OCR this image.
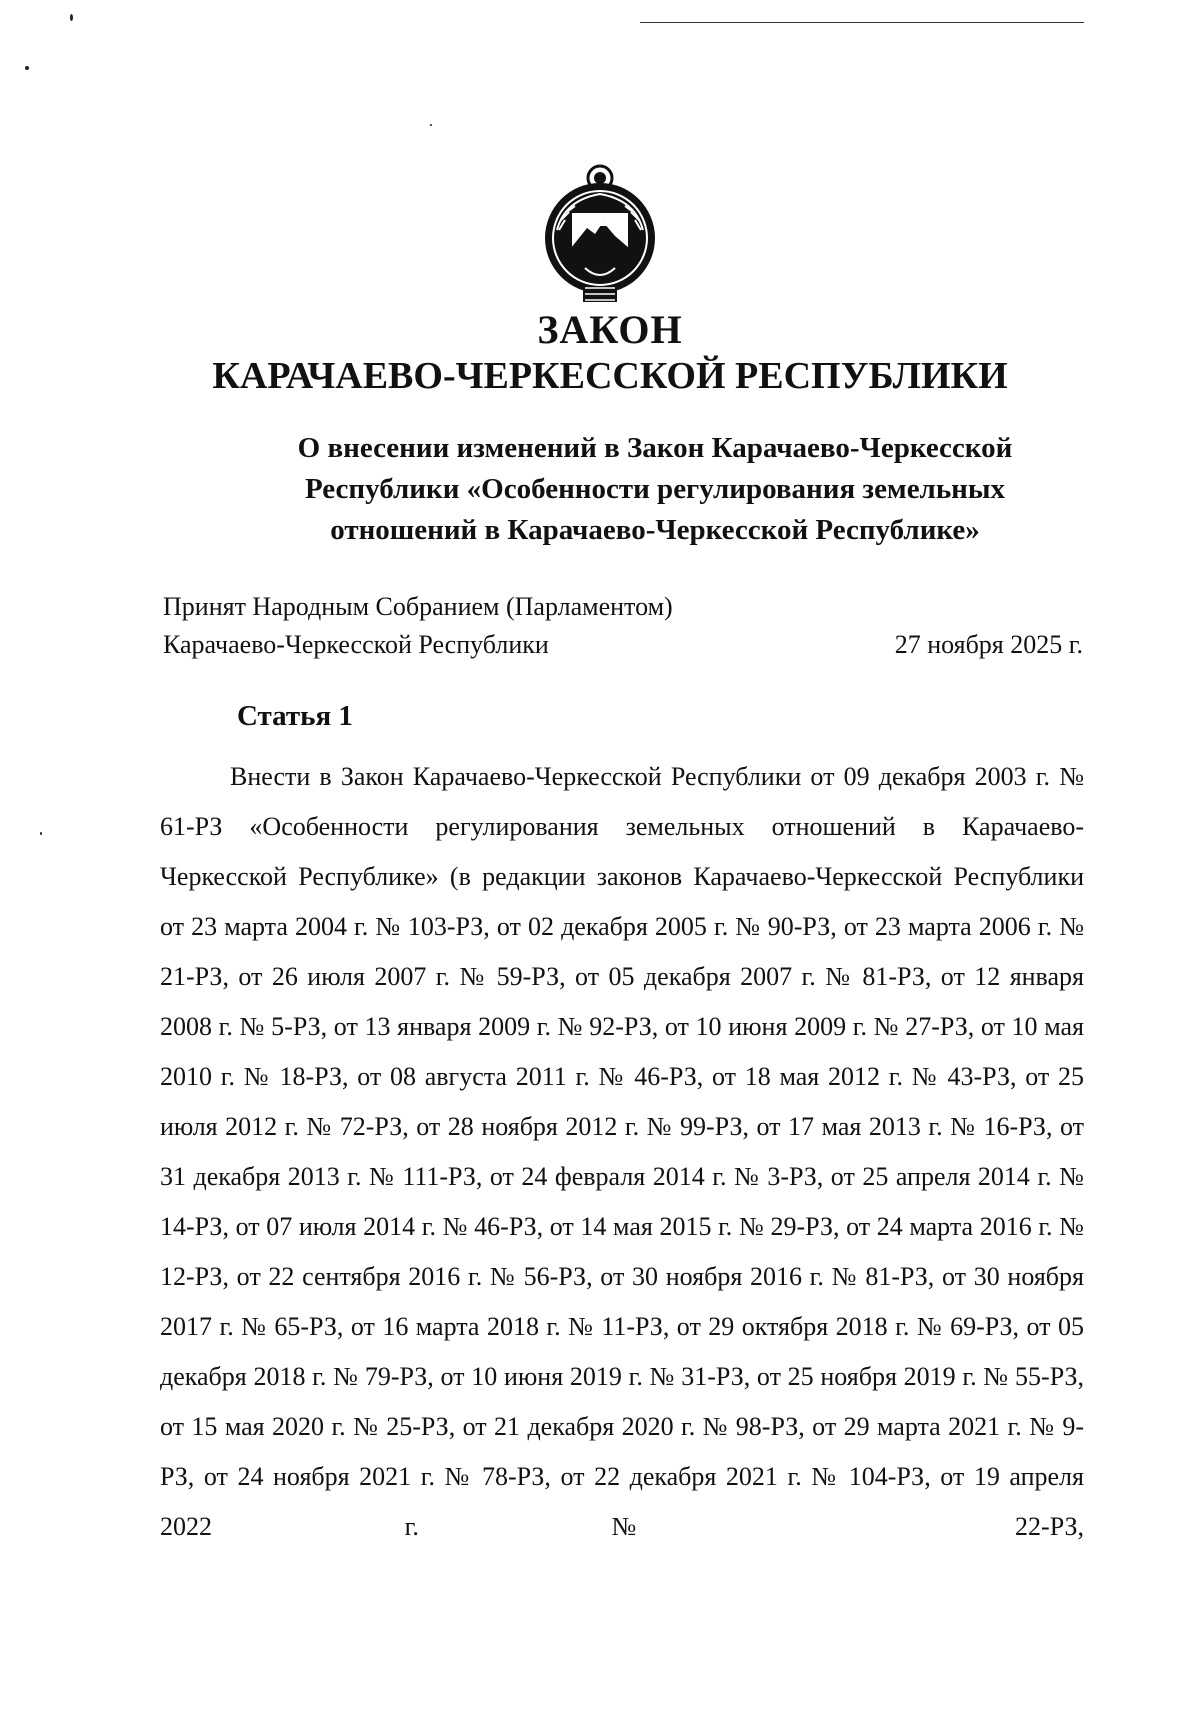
ЗАКОН
КАРАЧАЕВО-ЧЕРКЕССКОЙ РЕСПУБЛИКИ
О внесении изменений в Закон Карачаево-Черкесской Республики «Особенности регулирования земельных отношений в Карачаево-Черкесской Республике»
Принят Народным Собранием (Парламентом)
Карачаево-Черкесской Республики	27 ноября 2025 г.
Статья 1

Внести в Закон Карачаево-Черкесской Республики от 09 декабря 2003 г. № 61-РЗ «Особенности регулирования земельных отношений в Карачаево-Черкесской Республике» (в редакции законов Карачаево-Черкесской Республики от 23 марта 2004 г. № 103-РЗ, от 02 декабря 2005 г. № 90-РЗ, от 23 марта 2006 г. № 21-РЗ, от 26 июля 2007 г. № 59-РЗ, от 05 декабря 2007 г. № 81-РЗ, от 12 января 2008 г. № 5-РЗ, от 13 января 2009 г. № 92-РЗ, от 10 июня 2009 г. № 27-РЗ, от 10 мая 2010 г. № 18-РЗ, от 08 августа 2011 г. № 46-РЗ, от 18 мая 2012 г. № 43-РЗ, от 25 июля 2012 г. № 72-РЗ, от 28 ноября 2012 г. № 99-РЗ, от 17 мая 2013 г. № 16-РЗ, от 31 декабря 2013 г. № 111-РЗ, от 24 февраля 2014 г. № 3-РЗ, от 25 апреля 2014 г. № 14-РЗ, от 07 июля 2014 г. № 46-РЗ, от 14 мая 2015 г. № 29-РЗ, от 24 марта 2016 г. № 12-РЗ, от 22 сентября 2016 г. № 56-РЗ, от 30 ноября 2016 г. № 81-РЗ, от 30 ноября 2017 г. № 65-РЗ, от 16 марта 2018 г. № 11-РЗ, от 29 октября 2018 г. № 69-РЗ, от 05 декабря 2018 г. № 79-РЗ, от 10 июня 2019 г. № 31-РЗ, от 25 ноября 2019 г. № 55-РЗ, от 15 мая 2020 г. № 25-РЗ, от 21 декабря 2020 г. № 98-РЗ, от 29 марта 2021 г. № 9-РЗ, от 24 ноября 2021 г. № 78-РЗ, от 22 декабря 2021 г. № 104-РЗ, от 19 апреля 2022 г. № 22-РЗ,
